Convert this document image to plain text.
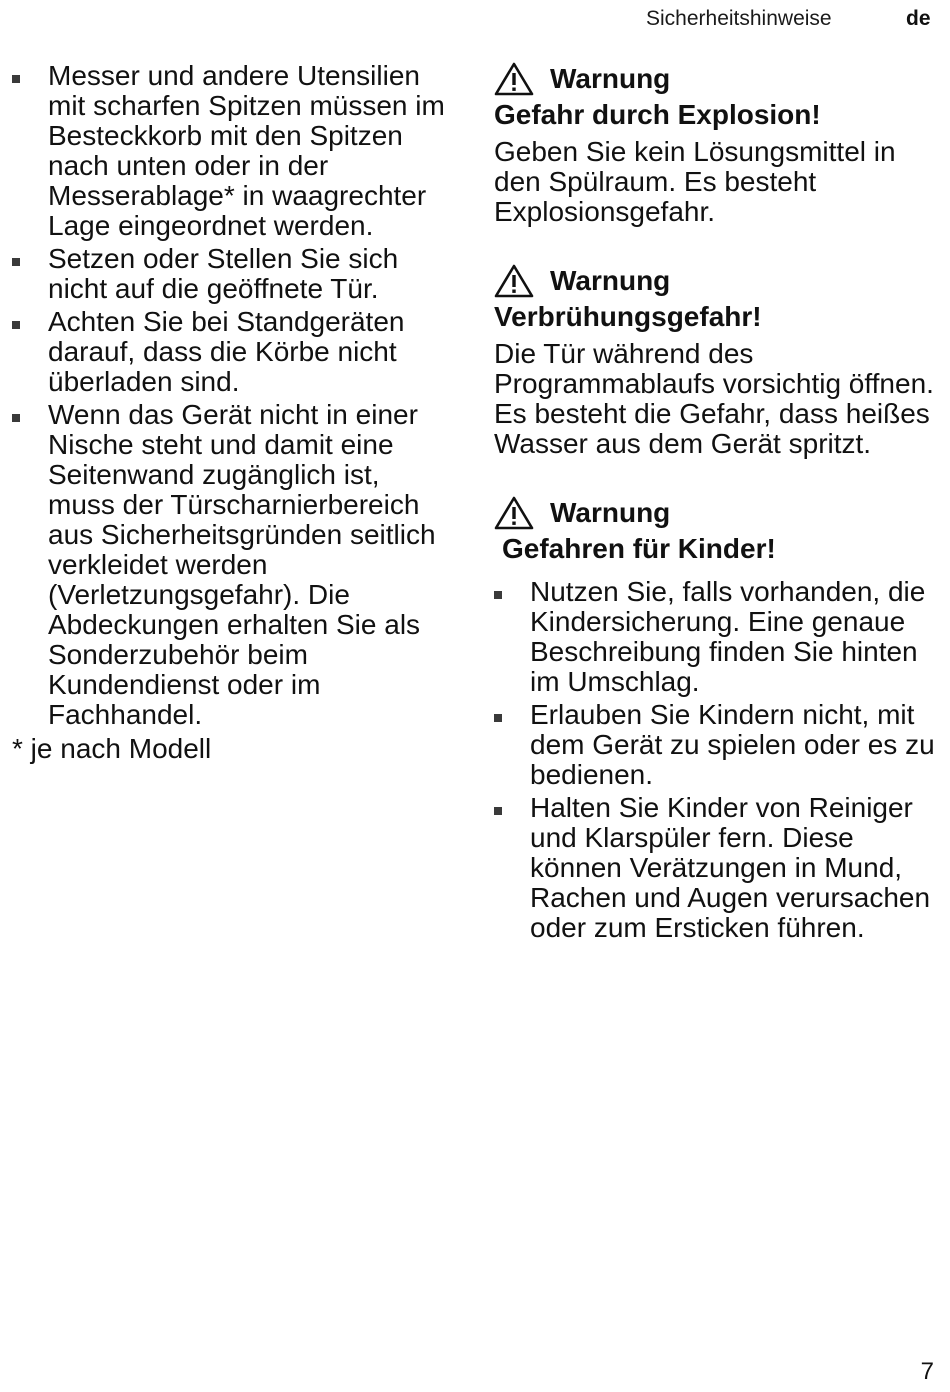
Sicherheitshinweise	de
Messer und andere Utensilien mit scharfen Spitzen müssen im Besteckkorb mit den Spitzen nach unten oder in der Messerablage* in waagrechter Lage eingeordnet werden.
Setzen oder Stellen Sie sich nicht auf die geöffnete Tür.
Achten Sie bei Standgeräten darauf, dass die Körbe nicht überladen sind.
Wenn das Gerät nicht in einer Nische steht und damit eine Seitenwand zugänglich ist, muss der Türscharnierbereich aus Sicherheitsgründen seitlich verkleidet werden (Verletzungsgefahr). Die Abdeckungen erhalten Sie als Sonderzubehör beim Kundendienst oder im Fachhandel.
* je nach Modell
Warnung
Gefahr durch Explosion!
Geben Sie kein Lösungsmittel in den Spülraum. Es besteht Explosionsgefahr.
Warnung
Verbrühungsgefahr!
Die Tür während des Programmablaufs vorsichtig öffnen. Es besteht die Gefahr, dass heißes Wasser aus dem Gerät spritzt.
Warnung
Gefahren für Kinder!
Nutzen Sie, falls vorhanden, die Kindersicherung. Eine genaue Beschreibung finden Sie hinten im Umschlag.
Erlauben Sie Kindern nicht, mit dem Gerät zu spielen oder es zu bedienen.
Halten Sie Kinder von Reiniger und Klarspüler fern. Diese können Verätzungen in Mund, Rachen und Augen verursachen oder zum Ersticken führen.
7
